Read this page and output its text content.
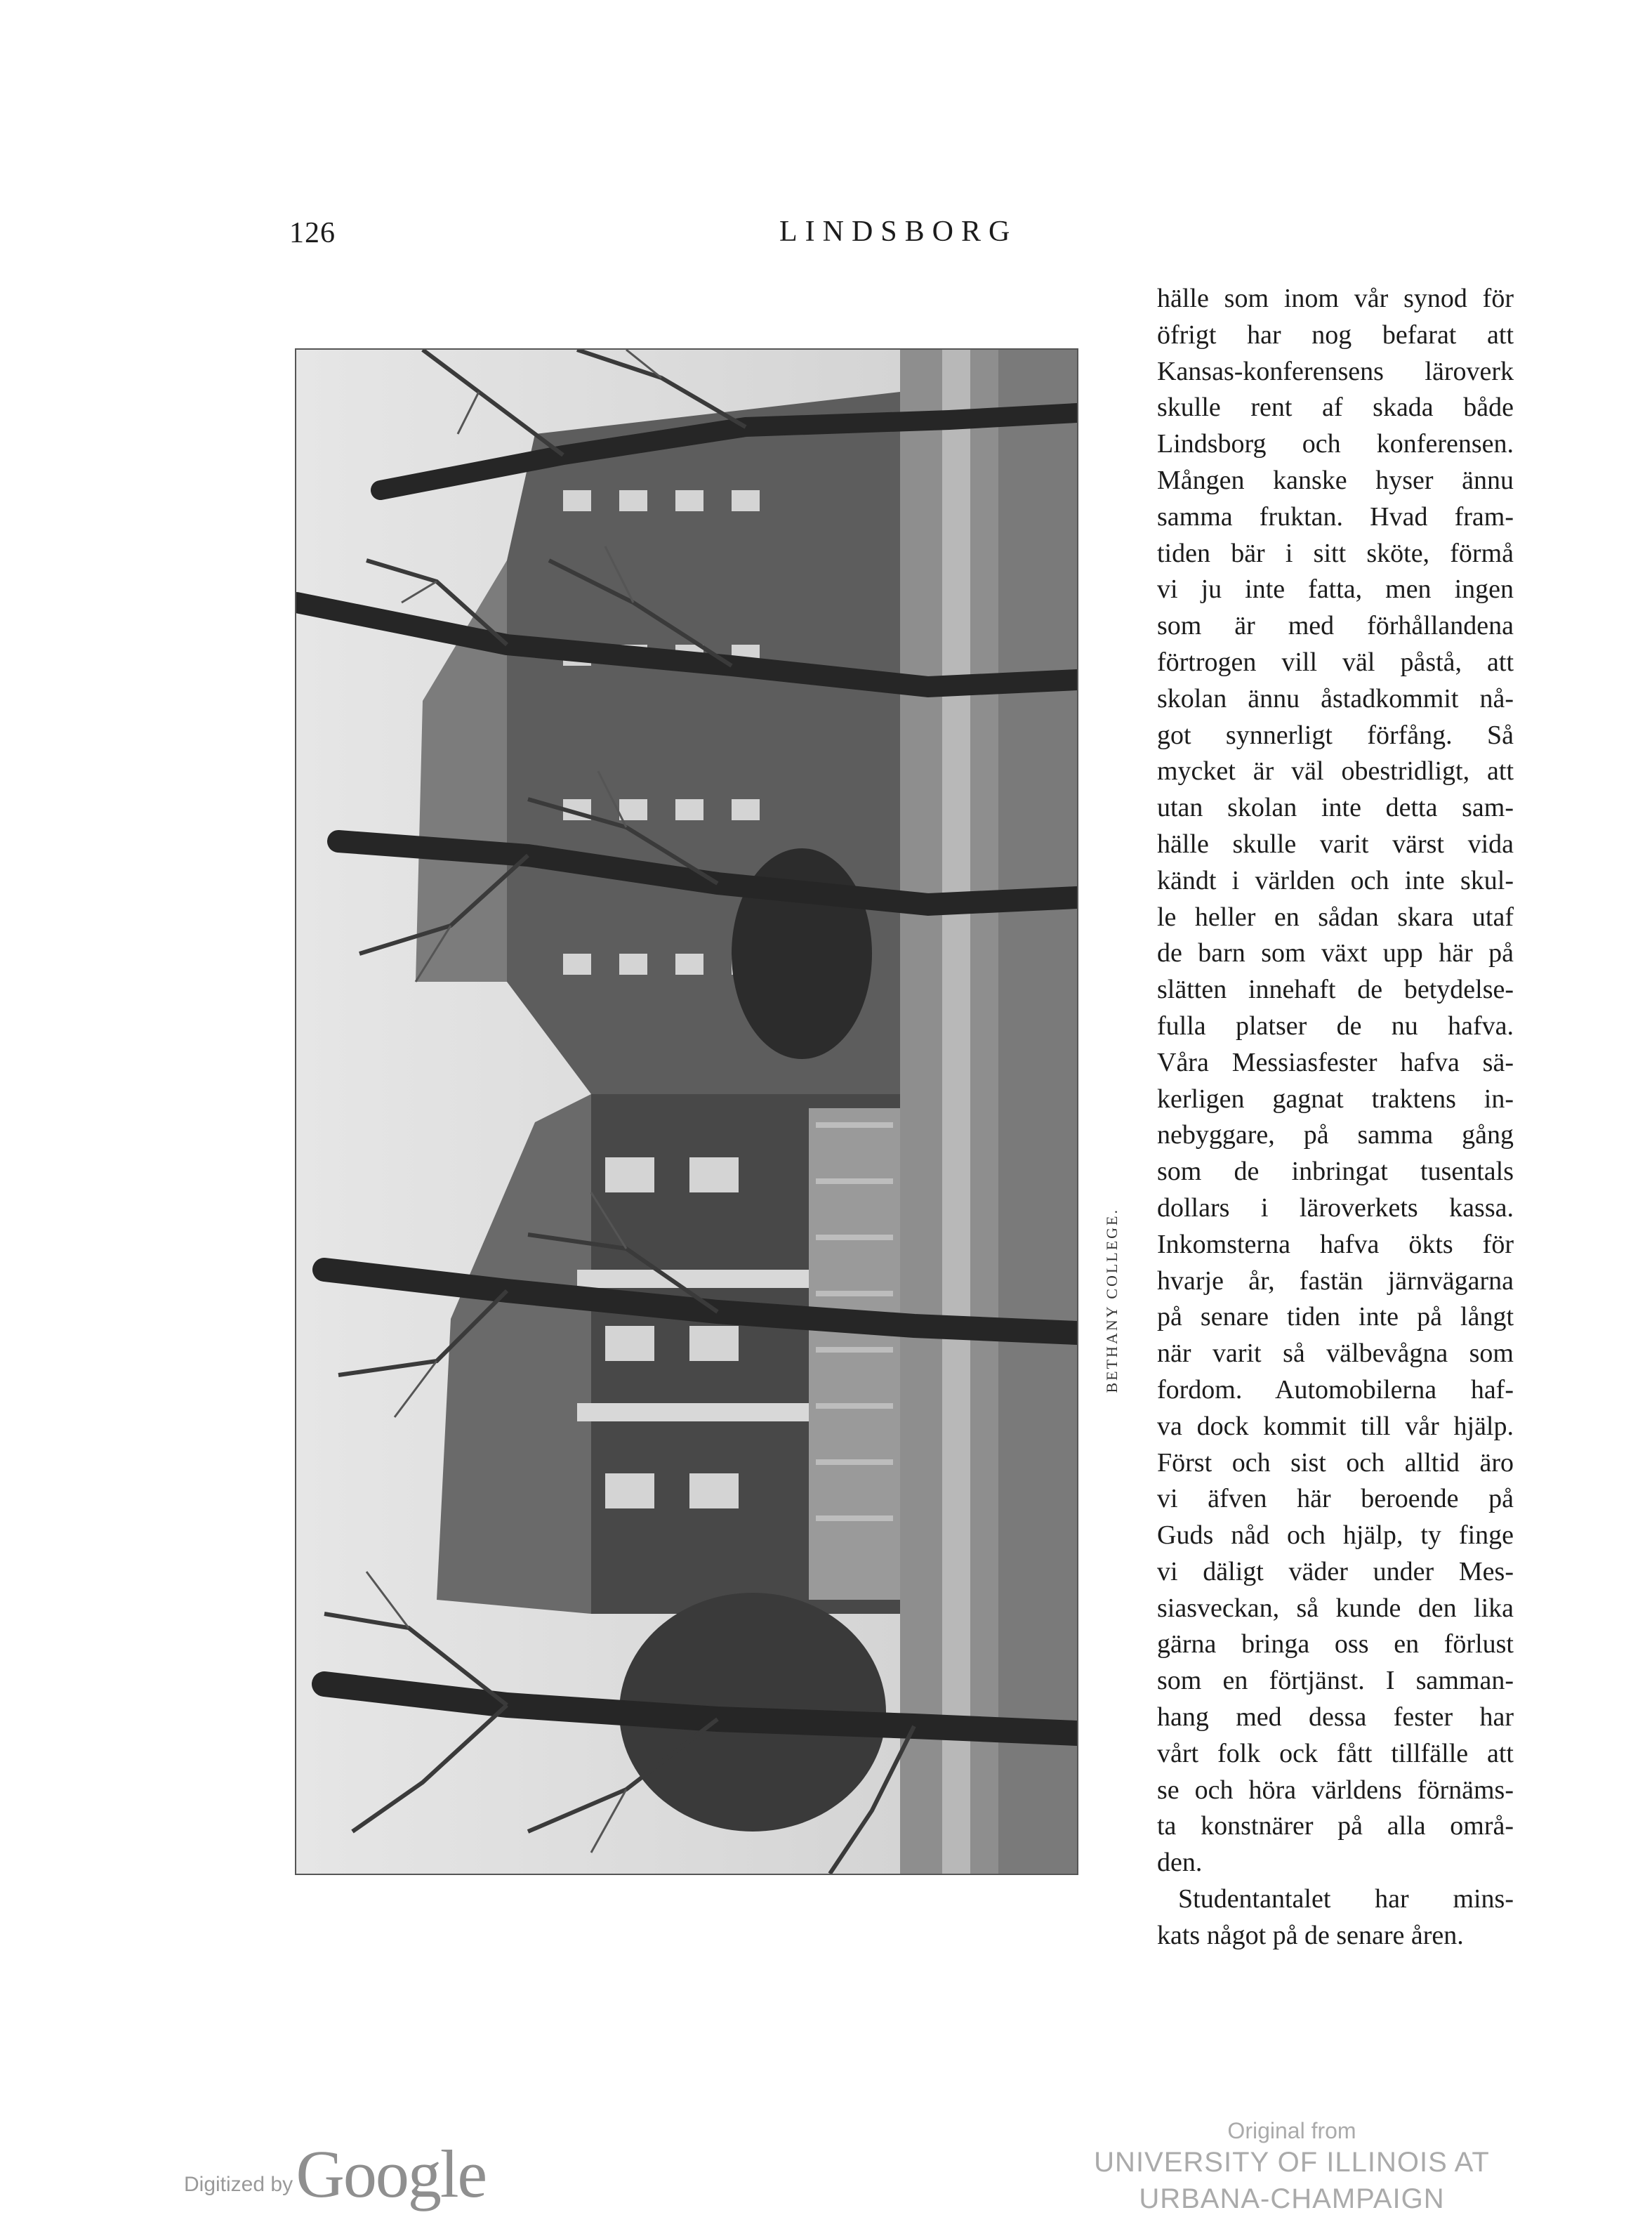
126	LINDSBORG
BETHANY COLLEGE.
hälle som inom vår synod för
öfrigt har nog befarat att
Kansas-konferensens läroverk
skulle rent af skada både
Lindsborg och konferensen.
Mången kanske hyser ännu
samma fruktan. Hvad fram-
tiden bär i sitt sköte, förmå
vi ju inte fatta, men ingen
som är med förhållandena
förtrogen vill väl påstå, att
skolan ännu åstadkommit nå-
got synnerligt förfång. Så
mycket är väl obestridligt, att
utan skolan inte detta sam-
hälle skulle varit värst vida
kändt i världen och inte skul-
le heller en sådan skara utaf
de barn som växt upp här på
slätten innehaft de betydelse-
fulla platser de nu hafva.
Våra Messiasfester hafva sä-
kerligen gagnat traktens in-
nebyggare, på samma gång
som de inbringat tusentals
dollars i läroverkets kassa.
Inkomsterna hafva ökts för
hvarje år, fastän järnvägarna
på senare tiden inte på långt
när varit så välbevågna som
fordom. Automobilerna haf-
va dock kommit till vår hjälp.
Först och sist och alltid äro
vi äfven här beroende på
Guds nåd och hjälp, ty finge
vi däligt väder under Mes-
siasveckan, så kunde den lika
gärna bringa oss en förlust
som en förtjänst. I samman-
hang med dessa fester har
vårt folk ock fått tillfälle att
se och höra världens förnäms-
ta konstnärer på alla områ-
den.
Studentantalet har mins-
kats något på de senare åren.
Digitized by Google
Original from
UNIVERSITY OF ILLINOIS AT
URBANA-CHAMPAIGN
